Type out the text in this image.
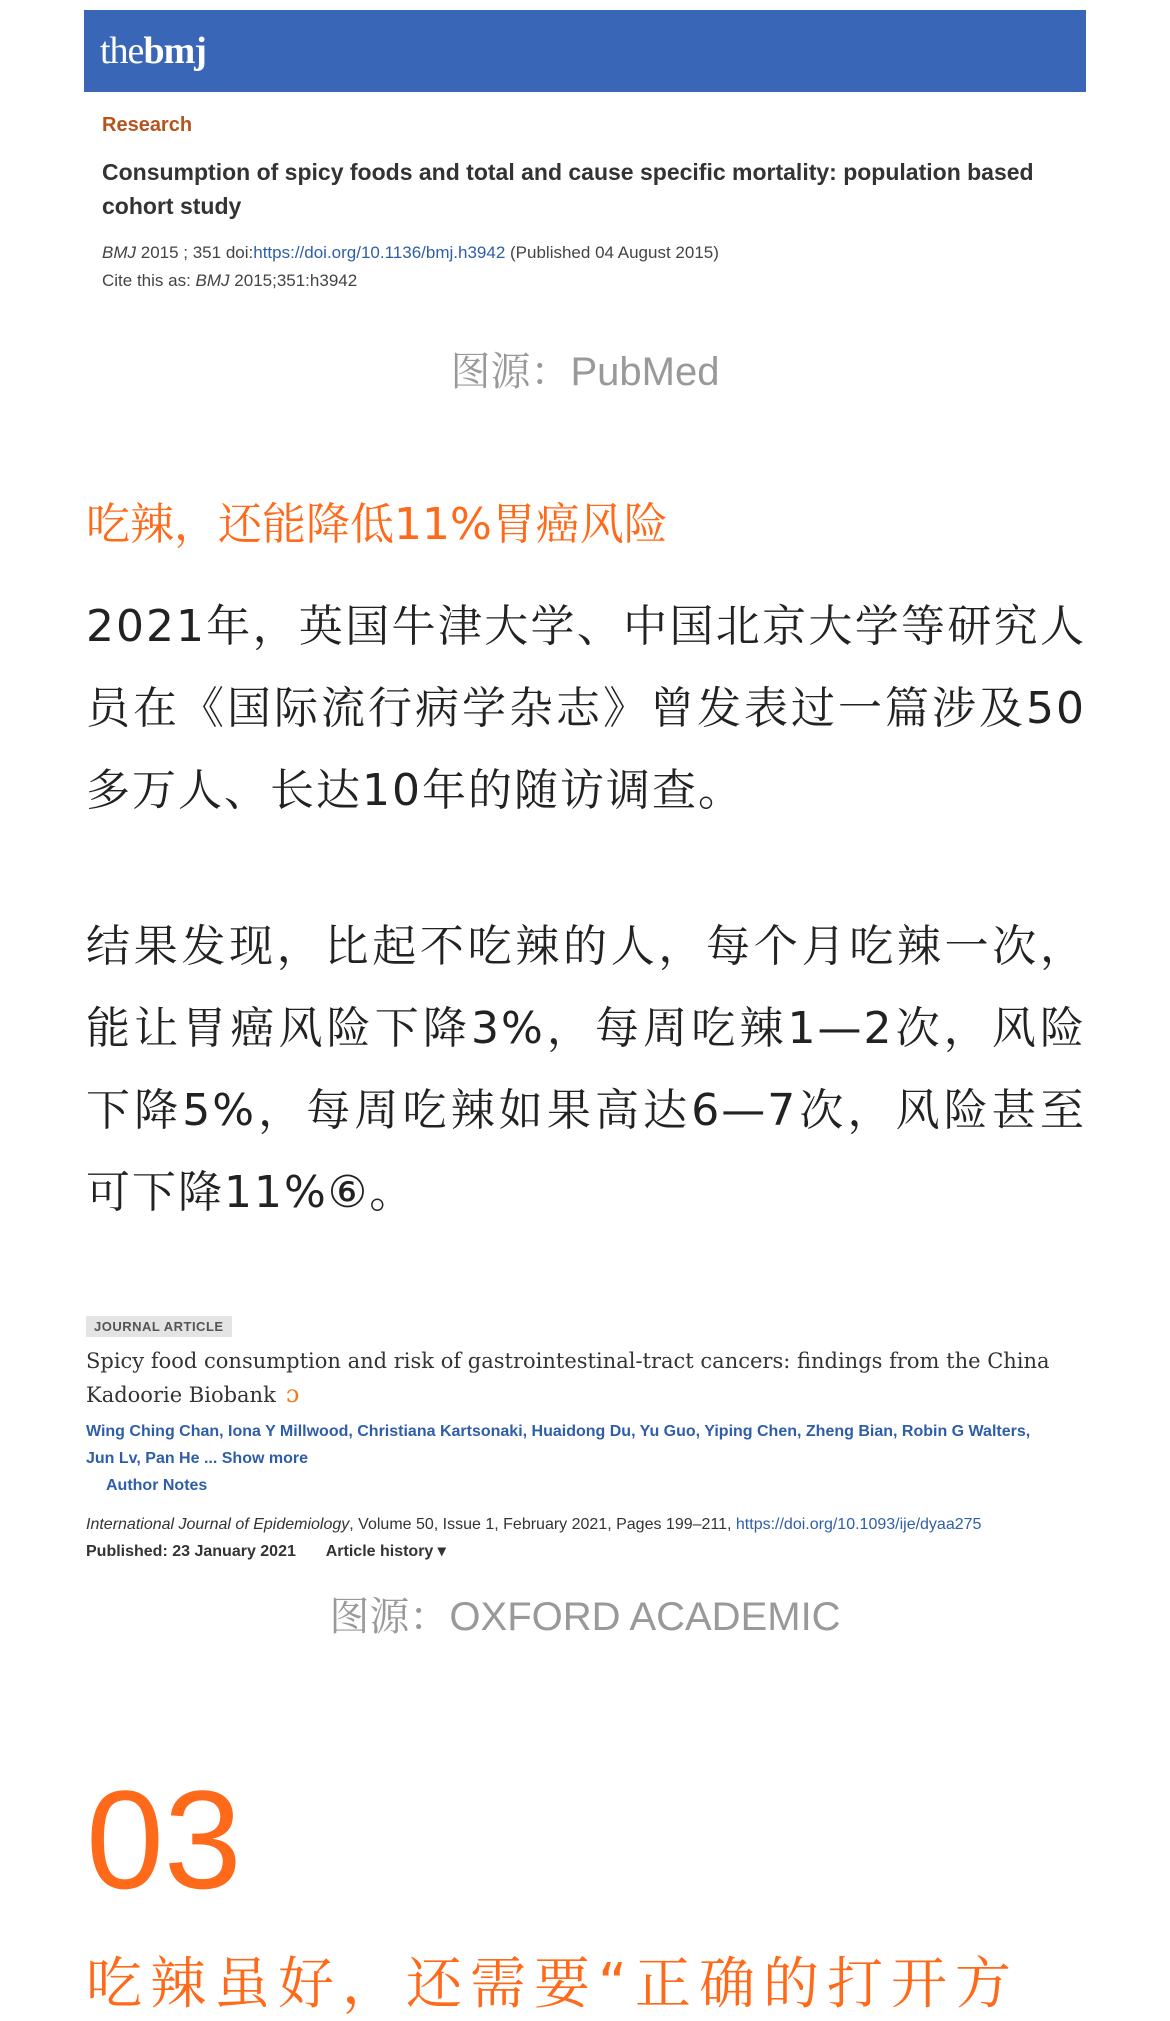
thebmj
Research
Consumption of spicy foods and total and cause specific mortality: population based cohort study
BMJ 2015 ; 351 doi:https://doi.org/10.1136/bmj.h3942 (Published 04 August 2015)
Cite this as: BMJ 2015;351:h3942
图源：PubMed
吃辣，还能降低11%胃癌风险
2021年，英国牛津大学、中国北京大学等研究人员在《国际流行病学杂志》曾发表过一篇涉及50多万人、长达10年的随访调查。
结果发现，比起不吃辣的人，每个月吃辣一次，能让胃癌风险下降3%，每周吃辣1—2次，风险下降5%，每周吃辣如果高达6—7次，风险甚至可下降11%⑥。
JOURNAL ARTICLE
Spicy food consumption and risk of gastrointestinal-tract cancers: findings from the China Kadoorie Biobank ɔ
Wing Ching Chan, Iona Y Millwood, Christiana Kartsonaki, Huaidong Du, Yu Guo, Yiping Chen, Zheng Bian, Robin G Walters,
Jun Lv, Pan He ... Show more
Author Notes
International Journal of Epidemiology, Volume 50, Issue 1, February 2021, Pages 199–211, https://doi.org/10.1093/ije/dyaa275
Published: 23 January 2021 Article history ▾
图源：OXFORD ACADEMIC
03
吃辣虽好，还需要“正确的打开方
